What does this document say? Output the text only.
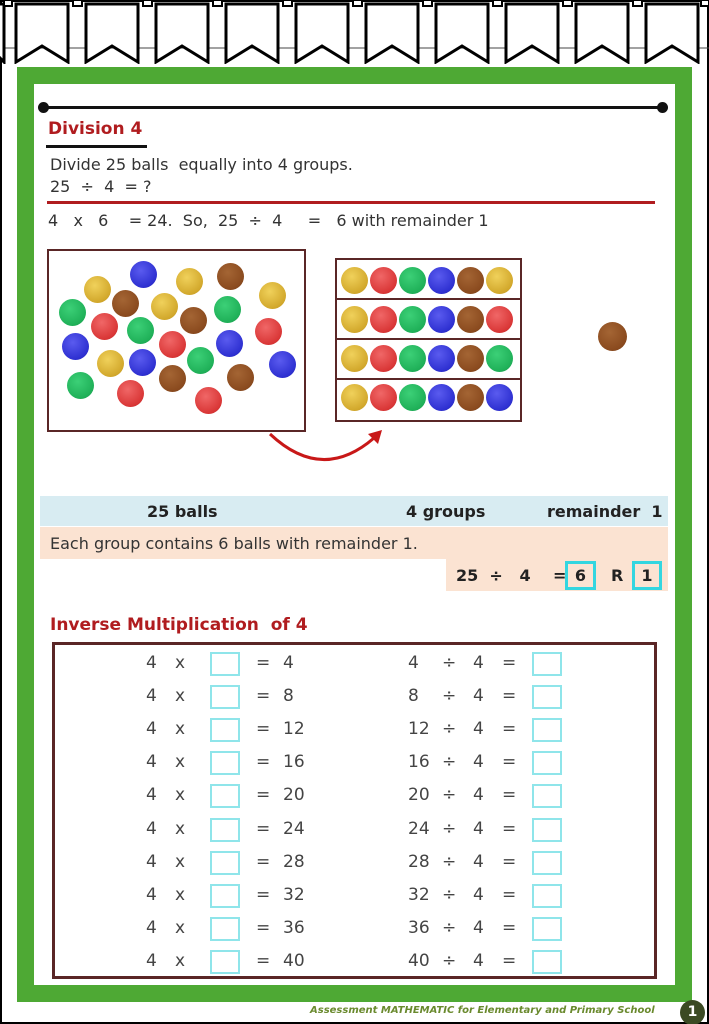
Division 4
Divide 25 balls  equally into 4 groups.
25  ÷  4  = ?
4   x   6    = 24.  So,  25  ÷  4     =   6 with remainder 1
25 balls	4 groups	remainder  1
Each group contains 6 balls with remainder 1.
25  ÷   4    = 6	R	1
Inverse Multiplication  of 4
4 x	= 4	4 ÷ 4 =
4 x	= 8	8 ÷ 4 =
4 x	= 12	12 ÷ 4 =
4 x	= 16	16 ÷ 4 =
4 x	= 20	20 ÷ 4 =
4 x	= 24	24 ÷ 4 =
4 x	= 28	28 ÷ 4 =
4 x	= 32	32 ÷ 4 =
4 x	= 36	36 ÷ 4 =
4 x	= 40	40 ÷ 4 =
Assessment MATHEMATIC for Elementary and Primary School	1
